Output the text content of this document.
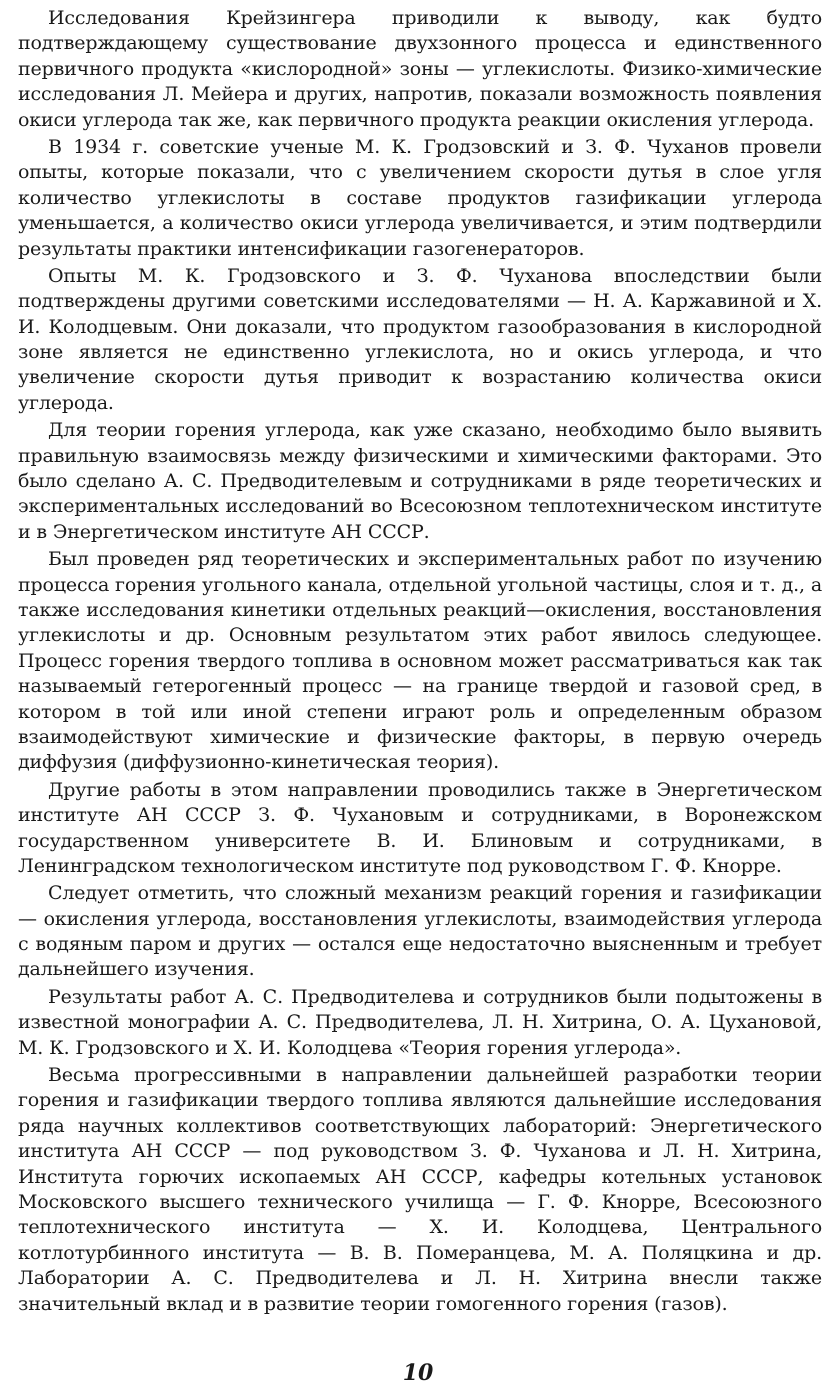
Исследования Крейзингера приводили к выводу, как будто подтверждающему существование двухзонного процесса и единственного первичного продукта «кислородной» зоны — углекислоты. Физико-химические исследования Л. Мейера и других, напротив, показали возможность появления окиси углерода так же, как первичного продукта реакции окисления углерода.

В 1934 г. советские ученые М. К. Гродзовский и З. Ф. Чуханов провели опыты, которые показали, что с увеличением скорости дутья в слое угля количество углекислоты в составе продуктов газификации углерода уменьшается, а количество окиси углерода увеличивается, и этим подтвердили результаты практики интенсификации газогенераторов.

Опыты М. К. Гродзовского и З. Ф. Чуханова впоследствии были подтверждены другими советскими исследователями — Н. А. Каржавиной и Х. И. Колодцевым. Они доказали, что продуктом газообразования в кислородной зоне является не единственно углекислота, но и окись углерода, и что увеличение скорости дутья приводит к возрастанию количества окиси углерода.

Для теории горения углерода, как уже сказано, необходимо было выявить правильную взаимосвязь между физическими и химическими факторами. Это было сделано А. С. Предводителевым и сотрудниками в ряде теоретических и экспериментальных исследований во Всесоюзном теплотехническом институте и в Энергетическом институте АН СССР.

Был проведен ряд теоретических и экспериментальных работ по изучению процесса горения угольного канала, отдельной угольной частицы, слоя и т. д., а также исследования кинетики отдельных реакций—окисления, восстановления углекислоты и др. Основным результатом этих работ явилось следующее. Процесс горения твердого топлива в основном может рассматриваться как так называемый гетерогенный процесс — на границе твердой и газовой сред, в котором в той или иной степени играют роль и определенным образом взаимодействуют химические и физические факторы, в первую очередь диффузия (диффузионно-кинетическая теория).

Другие работы в этом направлении проводились также в Энергетическом институте АН СССР З. Ф. Чухановым и сотрудниками, в Воронежском государственном университете В. И. Блиновым и сотрудниками, в Ленинградском технологическом институте под руководством Г. Ф. Кнорре.

Следует отметить, что сложный механизм реакций горения и газификации — окисления углерода, восстановления углекислоты, взаимодействия углерода с водяным паром и других — остался еще недостаточно выясненным и требует дальнейшего изучения.

Результаты работ А. С. Предводителева и сотрудников были подытожены в известной монографии А. С. Предводителева, Л. Н. Хитрина, О. А. Цухановой, М. К. Гродзовского и Х. И. Колодцева «Теория горения углерода».

Весьма прогрессивными в направлении дальнейшей разработки теории горения и газификации твердого топлива являются дальнейшие исследования ряда научных коллективов соответствующих лабораторий: Энергетического института АН СССР — под руководством З. Ф. Чуханова и Л. Н. Хитрина, Института горючих ископаемых АН СССР, кафедры котельных установок Московского высшего технического училища — Г. Ф. Кнорре, Всесоюзного теплотехнического института — Х. И. Колодцева, Центрального котлотурбинного института — В. В. Померанцева, М. А. Поляцкина и др. Лаборатории А. С. Предводителева и Л. Н. Хитрина внесли также значительный вклад и в развитие теории гомогенного горения (газов).

10
